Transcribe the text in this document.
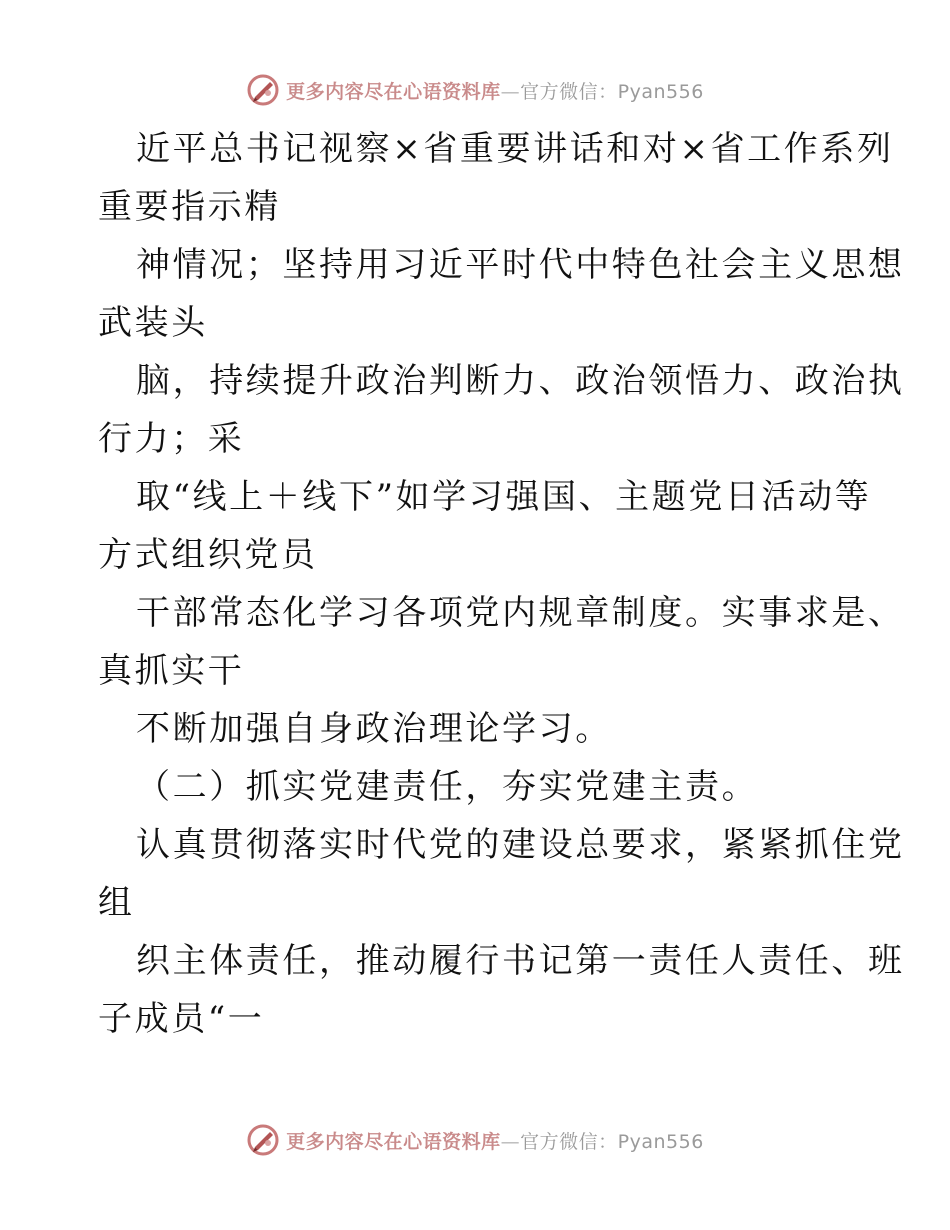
更多内容尽在心语资料库—官方微信：Pyan556
近平总书记视察×省重要讲话和对×省工作系列
重要指示精
神情况；坚持用习近平时代中特色社会主义思想
武装头
脑，持续提升政治判断力、政治领悟力、政治执
行力；采
取“线上＋线下”如学习强国、主题党日活动等
方式组织党员
干部常态化学习各项党内规章制度。实事求是、
真抓实干
不断加强自身政治理论学习。
（二）抓实党建责任，夯实党建主责。
认真贯彻落实时代党的建设总要求，紧紧抓住党
组
织主体责任，推动履行书记第一责任人责任、班
子成员“一
更多内容尽在心语资料库—官方微信：Pyan556
